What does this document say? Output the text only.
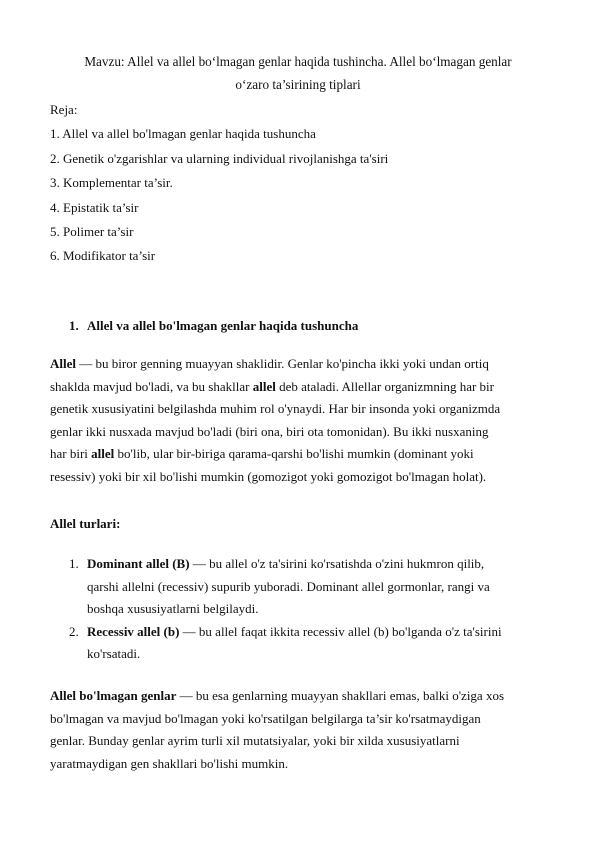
Mavzu: Allel va allel bo‘lmagan genlar haqida tushincha. Allel bo‘lmagan genlar
o‘zaro ta’sirining tiplari
Reja:
1. Allel va allel bo'lmagan genlar haqida tushuncha
2. Genetik o'zgarishlar va ularning individual rivojlanishga ta'siri
3. Komplementar ta’sir.
4. Epistatik ta’sir
5. Polimer ta’sir
6. Modifikator ta’sir
1. Allel va allel bo'lmagan genlar haqida tushuncha
Allel — bu biror genning muayyan shaklidir. Genlar ko'pincha ikki yoki undan ortiq
shaklda mavjud bo'ladi, va bu shakllar allel deb ataladi. Allellar organizmning har bir
genetik xususiyatini belgilashda muhim rol o'ynaydi. Har bir insonda yoki organizmda
genlar ikki nusxada mavjud bo'ladi (biri ona, biri ota tomonidan). Bu ikki nusxaning
har biri allel bo'lib, ular bir-biriga qarama-qarshi bo'lishi mumkin (dominant yoki
resessiv) yoki bir xil bo'lishi mumkin (gomozigot yoki gomozigot bo'lmagan holat).
Allel turlari:
1. Dominant allel (B) — bu allel o'z ta'sirini ko'rsatishda o'zini hukmron qilib,
qarshi allelni (recessiv) supurib yuboradi. Dominant allel gormonlar, rangi va
boshqa xususiyatlarni belgilaydi.
2. Recessiv allel (b) — bu allel faqat ikkita recessiv allel (b) bo'lganda o'z ta'sirini
ko'rsatadi.
Allel bo'lmagan genlar — bu esa genlarning muayyan shakllari emas, balki o'ziga xos
bo'lmagan va mavjud bo'lmagan yoki ko'rsatilgan belgilarga ta’sir ko'rsatmaydigan
genlar. Bunday genlar ayrim turli xil mutatsiyalar, yoki bir xilda xususiyatlarni
yaratmaydigan gen shakllari bo'lishi mumkin.
